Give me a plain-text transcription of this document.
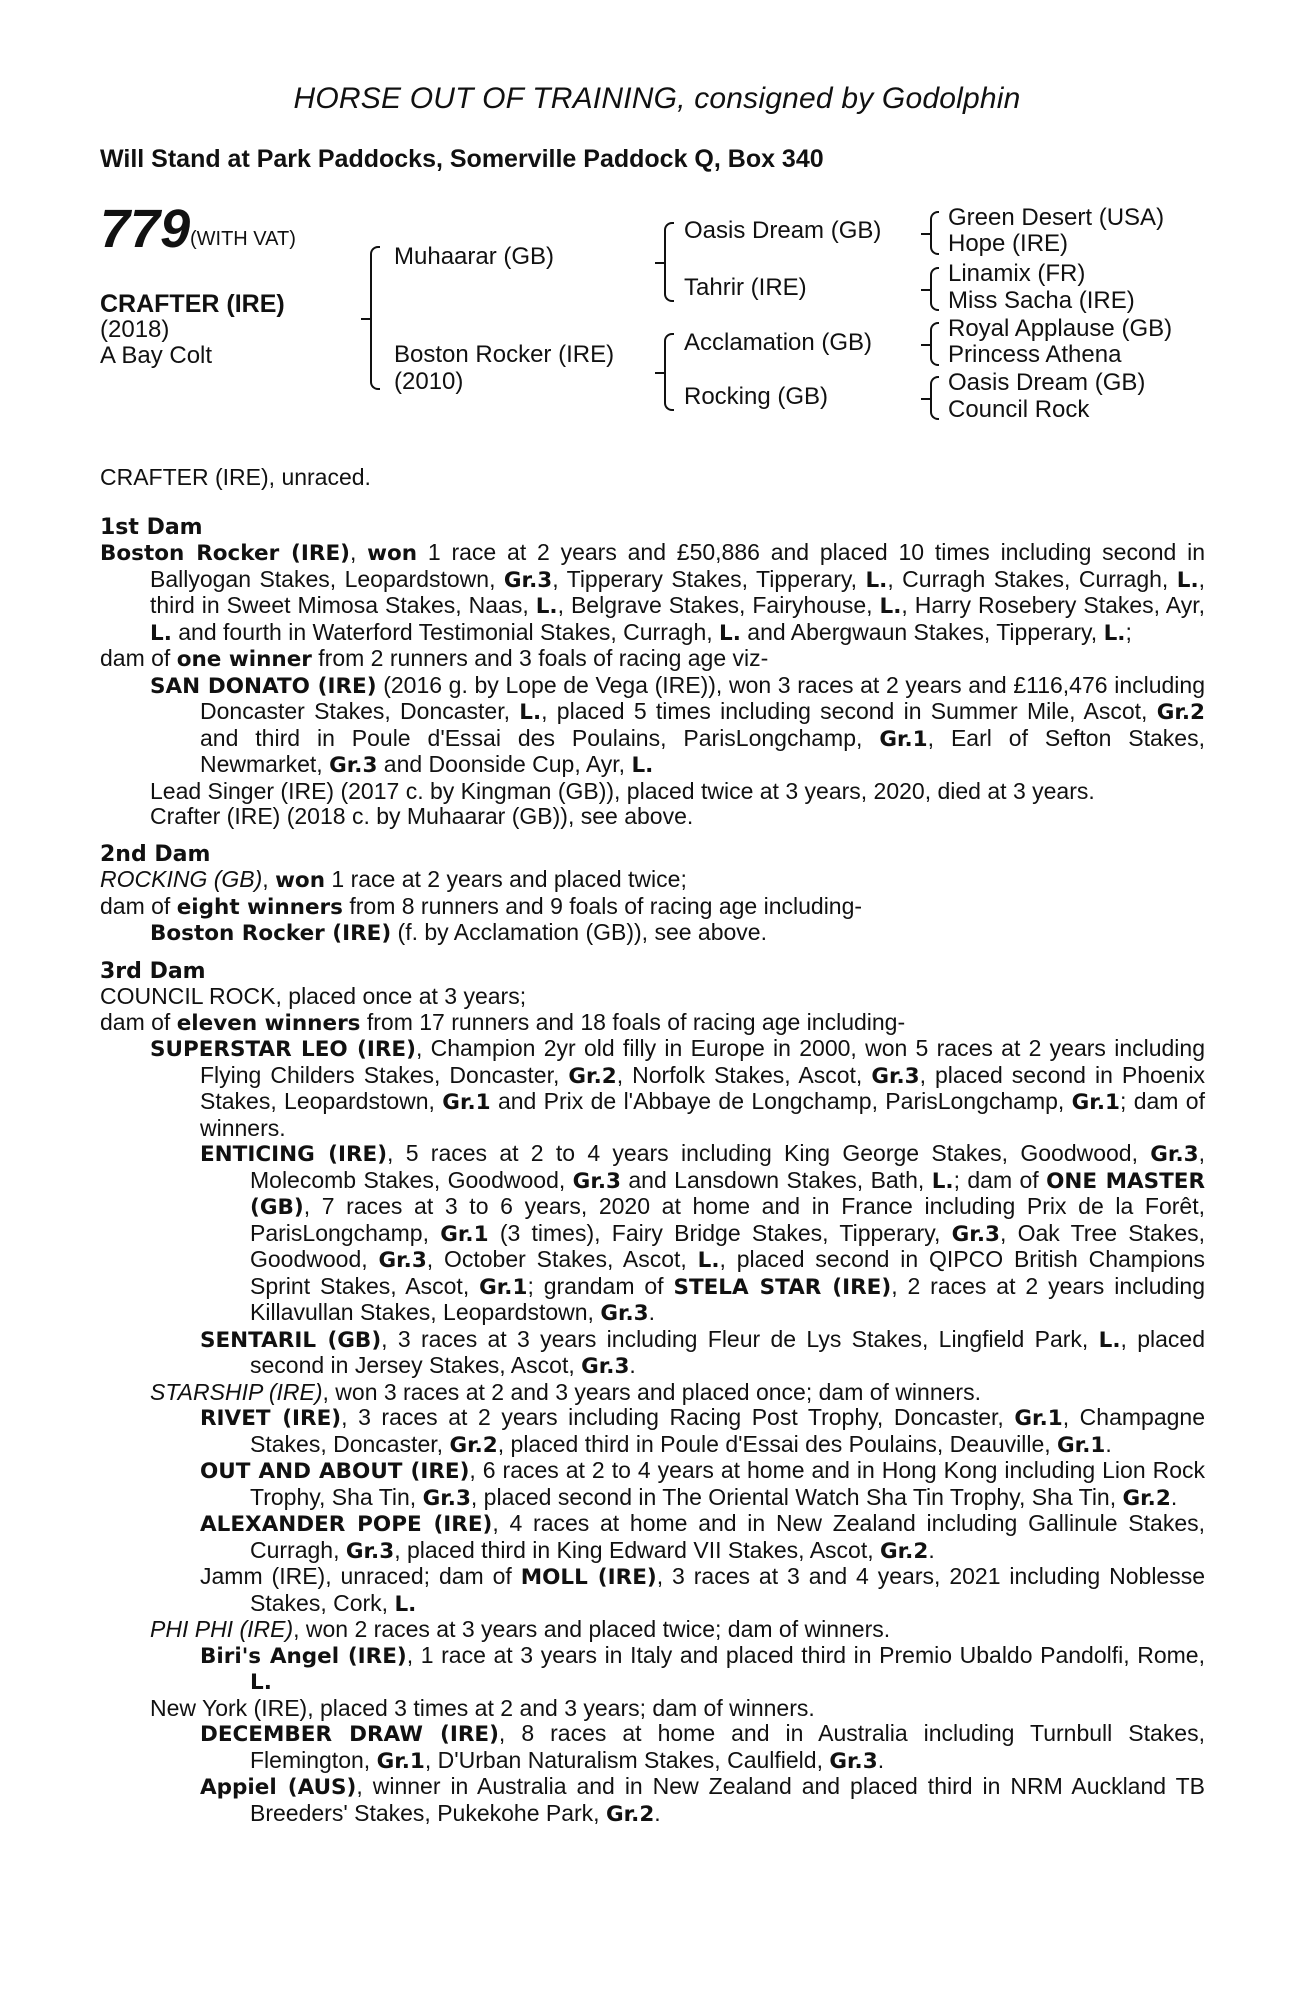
HORSE OUT OF TRAINING, consigned by Godolphin
Will Stand at Park Paddocks, Somerville Paddock Q, Box 340
779 (WITH VAT)
CRAFTER (IRE)
(2018)
A Bay Colt
Muhaarar (GB)
Boston Rocker (IRE)
(2010)
Oasis Dream (GB)
Tahrir (IRE)
Acclamation (GB)
Rocking (GB)
Green Desert (USA)
Hope (IRE)
Linamix (FR)
Miss Sacha (IRE)
Royal Applause (GB)
Princess Athena
Oasis Dream (GB)
Council Rock

CRAFTER (IRE), unraced.

1st Dam

Boston Rocker (IRE), won 1 race at 2 years and £50,886 and placed 10 times including second in Ballyogan Stakes, Leopardstown, Gr.3, Tipperary Stakes, Tipperary, L., Curragh Stakes, Curragh, L., third in Sweet Mimosa Stakes, Naas, L., Belgrave Stakes, Fairyhouse, L., Harry Rosebery Stakes, Ayr, L. and fourth in Waterford Testimonial Stakes, Curragh, L. and Abergwaun Stakes, Tipperary, L.;

dam of one winner from 2 runners and 3 foals of racing age viz-

SAN DONATO (IRE) (2016 g. by Lope de Vega (IRE)), won 3 races at 2 years and £116,476 including Doncaster Stakes, Doncaster, L., placed 5 times including second in Summer Mile, Ascot, Gr.2 and third in Poule d'Essai des Poulains, ParisLongchamp, Gr.1, Earl of Sefton Stakes, Newmarket, Gr.3 and Doonside Cup, Ayr, L.

Lead Singer (IRE) (2017 c. by Kingman (GB)), placed twice at 3 years, 2020, died at 3 years.

Crafter (IRE) (2018 c. by Muhaarar (GB)), see above.

2nd Dam

ROCKING (GB), won 1 race at 2 years and placed twice;

dam of eight winners from 8 runners and 9 foals of racing age including-

Boston Rocker (IRE) (f. by Acclamation (GB)), see above.

3rd Dam

COUNCIL ROCK, placed once at 3 years;

dam of eleven winners from 17 runners and 18 foals of racing age including-

SUPERSTAR LEO (IRE), Champion 2yr old filly in Europe in 2000, won 5 races at 2 years including Flying Childers Stakes, Doncaster, Gr.2, Norfolk Stakes, Ascot, Gr.3, placed second in Phoenix Stakes, Leopardstown, Gr.1 and Prix de l'Abbaye de Longchamp, ParisLongchamp, Gr.1; dam of winners.

ENTICING (IRE), 5 races at 2 to 4 years including King George Stakes, Goodwood, Gr.3, Molecomb Stakes, Goodwood, Gr.3 and Lansdown Stakes, Bath, L.; dam of ONE MASTER (GB), 7 races at 3 to 6 years, 2020 at home and in France including Prix de la Forêt, ParisLongchamp, Gr.1 (3 times), Fairy Bridge Stakes, Tipperary, Gr.3, Oak Tree Stakes, Goodwood, Gr.3, October Stakes, Ascot, L., placed second in QIPCO British Champions Sprint Stakes, Ascot, Gr.1; grandam of STELA STAR (IRE), 2 races at 2 years including Killavullan Stakes, Leopardstown, Gr.3.

SENTARIL (GB), 3 races at 3 years including Fleur de Lys Stakes, Lingfield Park, L., placed second in Jersey Stakes, Ascot, Gr.3.

STARSHIP (IRE), won 3 races at 2 and 3 years and placed once; dam of winners.

RIVET (IRE), 3 races at 2 years including Racing Post Trophy, Doncaster, Gr.1, Champagne Stakes, Doncaster, Gr.2, placed third in Poule d'Essai des Poulains, Deauville, Gr.1.

OUT AND ABOUT (IRE), 6 races at 2 to 4 years at home and in Hong Kong including Lion Rock Trophy, Sha Tin, Gr.3, placed second in The Oriental Watch Sha Tin Trophy, Sha Tin, Gr.2.

ALEXANDER POPE (IRE), 4 races at home and in New Zealand including Gallinule Stakes, Curragh, Gr.3, placed third in King Edward VII Stakes, Ascot, Gr.2.

Jamm (IRE), unraced; dam of MOLL (IRE), 3 races at 3 and 4 years, 2021 including Noblesse Stakes, Cork, L.

PHI PHI (IRE), won 2 races at 3 years and placed twice; dam of winners.

Biri's Angel (IRE), 1 race at 3 years in Italy and placed third in Premio Ubaldo Pandolfi, Rome, L.

New York (IRE), placed 3 times at 2 and 3 years; dam of winners.

DECEMBER DRAW (IRE), 8 races at home and in Australia including Turnbull Stakes, Flemington, Gr.1, D'Urban Naturalism Stakes, Caulfield, Gr.3.

Appiel (AUS), winner in Australia and in New Zealand and placed third in NRM Auckland TB Breeders' Stakes, Pukekohe Park, Gr.2.
